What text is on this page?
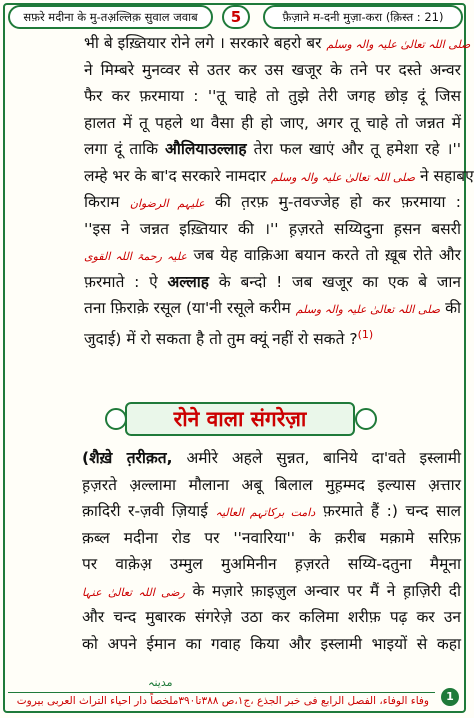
सफ़रे मदीना के मु-तअ़ल्लिक़ सुवाल जवाब	5	फ़ैज़ाने म-दनी मुज़ा-करा (क़िस्त : 21)
भी बे इख़्तियार रोने लगे । सरकारे बहरो बर صلی اللہ تعالیٰ علیہ والہ وسلم
ने मिम्बरे मुनव्वर से उतर कर उस खजूर के तने पर दस्ते अन्वर
फैर कर फ़रमाया : ''तू चाहे तो तुझे तेरी जगह छोड़ दूं जिस
हालत में तू पहले था वैसा ही हो जाए, अगर तू चाहे तो जन्नत में
लगा दूं ताकि औलियाउल्लाह तेरा फल खाएं और तू हमेशा रहे ।''
लम्हे भर के बा'द सरकारे नामदार صلی اللہ تعالیٰ علیہ والہ وسلم ने सहाबए
किराम علیہم الرضوان की त़रफ़ मु-तवज्जेह हो कर फ़रमाया :
''इस ने जन्नत इख़्तियार की ।'' ह़ज़रते सय्यिदुना ह़सन बसरी
علیہ رحمۃ اللہ القوی जब येह वाक़िआ बयान करते तो ख़ूब रोते और
फ़रमाते : ऐ अल्लाह के बन्दो ! जब खजूर का एक बे जान
तना फ़िराक़े रसूल (या'नी रसूले करीम صلی اللہ تعالیٰ علیہ والہ وسلم की
जुदाई) में रो सकता है तो तुम क्यूं नहीं रो सकते ?$^{(1)}$
रोने वाला संगरेज़ा
(शैख़े त़रीक़त, अमीरे अहले सुन्नत, बानिये दा'वते इस्लामी
ह़ज़रते अ़ल्लामा मौलाना अबू बिलाल मुह़म्मद इल्यास अ़त्तार
क़ादिरी र-ज़वी ज़ियाई دامت برکاتہم العالیہ फ़रमाते हैं :) चन्द साल
क़ब्ल मदीना रोड पर ''नवारिया'' के क़रीब मक़ामे सरिफ़
पर वाक़ेअ़ उम्मुल मुअमिनीन ह़ज़रते सय्यि-दतुना मैमूना
رضی اللہ تعالیٰ عنہا के मज़ारे फ़ाइज़ुल अन्वार पर मैं ने ह़ाज़िरी दी
और चन्द मुबारक संगरेज़े उठा कर कलिमा शरीफ़ पढ़ कर उन
को अपने ईमान का गवाह किया और इस्लामी भाइयों से कहा
مدینہ
وفاء الوفاء، الفصل الرابع فی خبر الجذع ،ج١،ص ٣٨٨تا٣٩٠ملخصاً دار احیاء التراث العربی بیروت	1
